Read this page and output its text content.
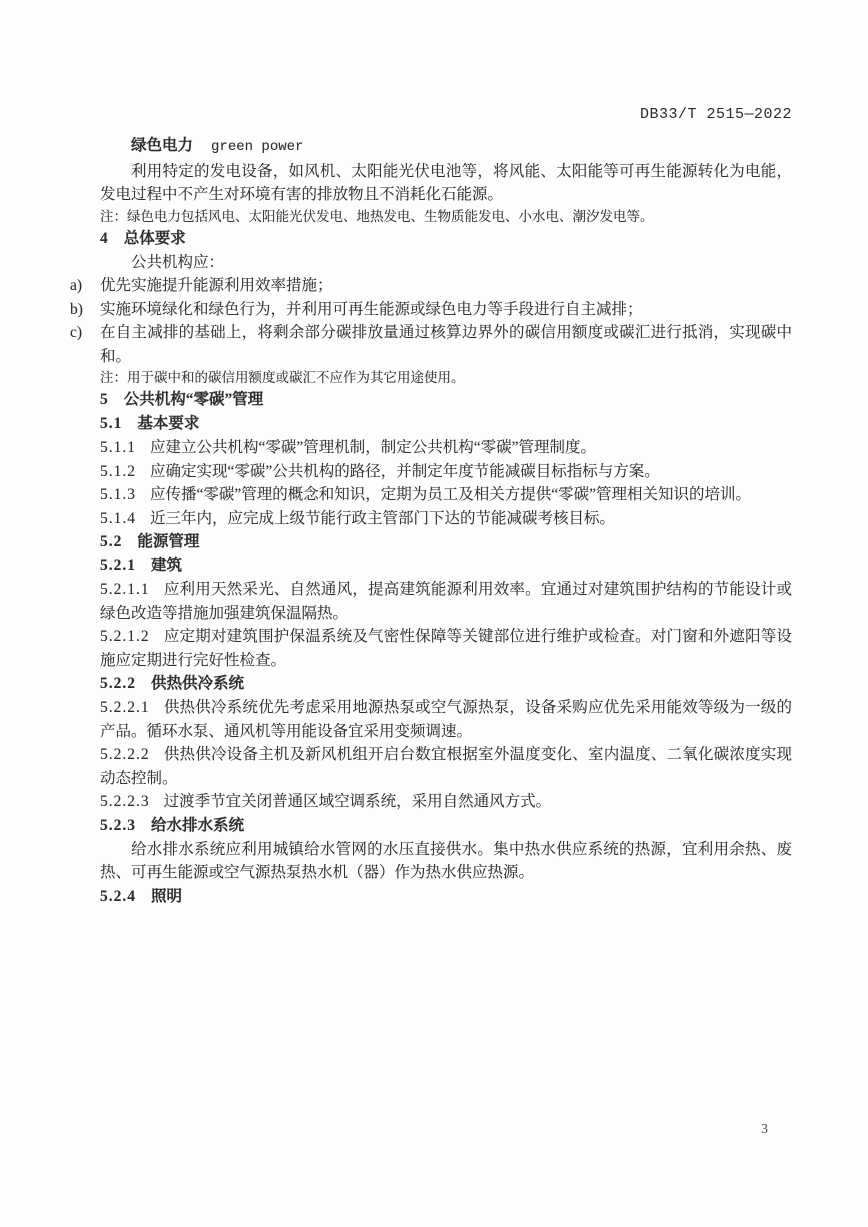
DB33/T 2515—2022

绿色电力 green power

利用特定的发电设备，如风机、太阳能光伏电池等，将风能、太阳能等可再生能源转化为电能，发电过程中不产生对环境有害的排放物且不消耗化石能源。

注：绿色电力包括风电、太阳能光伏发电、地热发电、生物质能发电、小水电、潮汐发电等。

4 总体要求

公共机构应：

a) 优先实施提升能源利用效率措施；

b) 实施环境绿化和绿色行为，并利用可再生能源或绿色电力等手段进行自主减排；

c) 在自主减排的基础上，将剩余部分碳排放量通过核算边界外的碳信用额度或碳汇进行抵消，实现碳中和。

注：用于碳中和的碳信用额度或碳汇不应作为其它用途使用。

5 公共机构“零碳”管理

5.1 基本要求

5.1.1 应建立公共机构“零碳”管理机制，制定公共机构“零碳”管理制度。

5.1.2 应确定实现“零碳”公共机构的路径，并制定年度节能减碳目标指标与方案。

5.1.3 应传播“零碳”管理的概念和知识，定期为员工及相关方提供“零碳”管理相关知识的培训。

5.1.4 近三年内，应完成上级节能行政主管部门下达的节能减碳考核目标。

5.2 能源管理

5.2.1 建筑

5.2.1.1 应利用天然采光、自然通风，提高建筑能源利用效率。宜通过对建筑围护结构的节能设计或绿色改造等措施加强建筑保温隔热。

5.2.1.2 应定期对建筑围护保温系统及气密性保障等关键部位进行维护或检查。对门窗和外遮阳等设施应定期进行完好性检查。

5.2.2 供热供冷系统

5.2.2.1 供热供冷系统优先考虑采用地源热泵或空气源热泵，设备采购应优先采用能效等级为一级的产品。循环水泵、通风机等用能设备宜采用变频调速。

5.2.2.2 供热供冷设备主机及新风机组开启台数宜根据室外温度变化、室内温度、二氧化碳浓度实现动态控制。

5.2.2.3 过渡季节宜关闭普通区域空调系统，采用自然通风方式。

5.2.3 给水排水系统

给水排水系统应利用城镇给水管网的水压直接供水。集中热水供应系统的热源，宜利用余热、废热、可再生能源或空气源热泵热水机（器）作为热水供应热源。

5.2.4 照明

3
